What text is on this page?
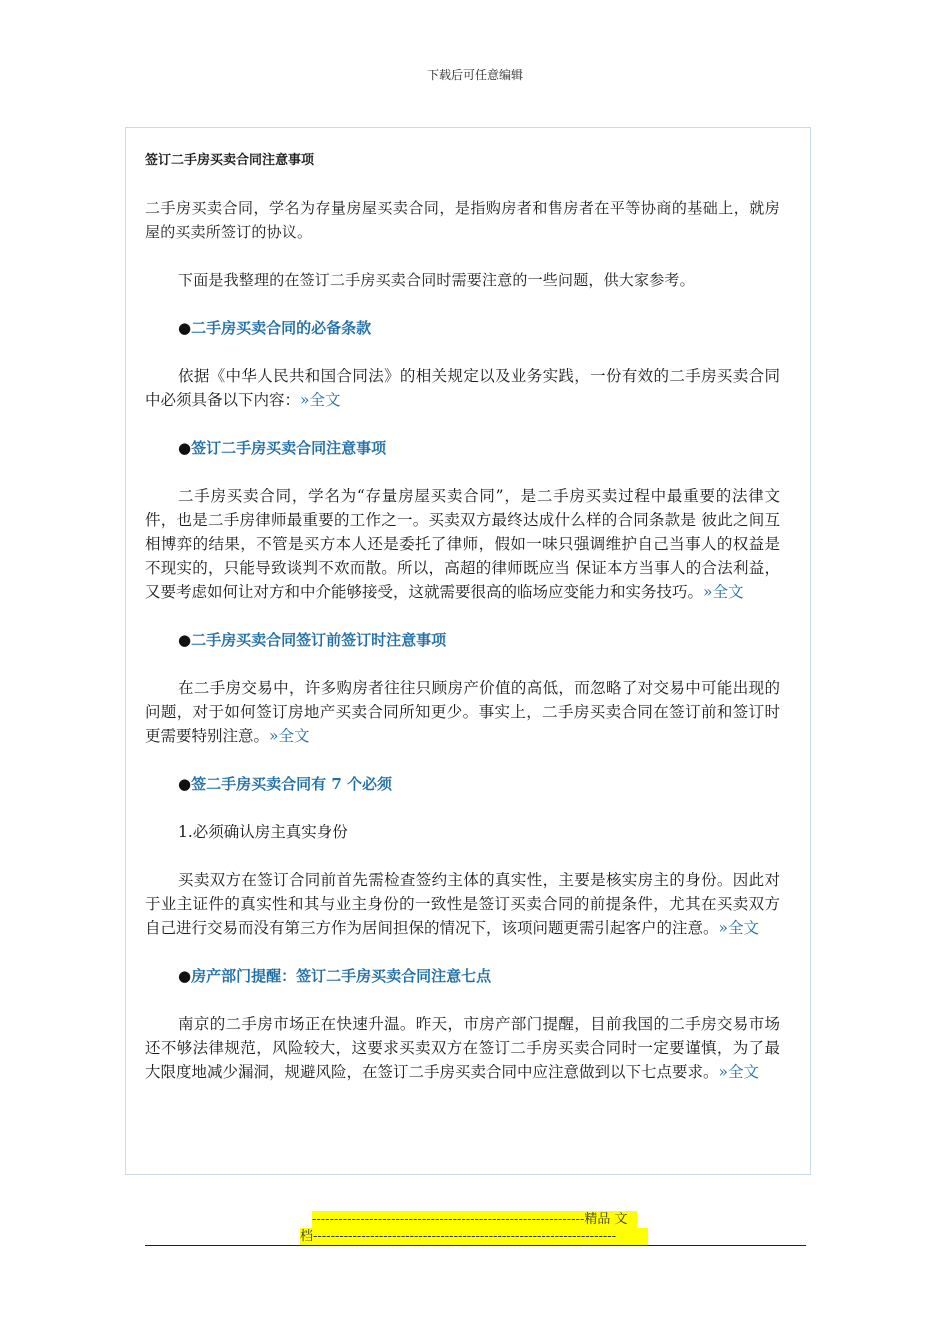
下载后可任意编辑
签订二手房买卖合同注意事项

二手房买卖合同，学名为存量房屋买卖合同，是指购房者和售房者在平等协商的基础上，就房屋的买卖所签订的协议。

下面是我整理的在签订二手房买卖合同时需要注意的一些问题，供大家参考。

●二手房买卖合同的必备条款

依据《中华人民共和国合同法》的相关规定以及业务实践，一份有效的二手房买卖合同中必须具备以下内容：»全文

●签订二手房买卖合同注意事项

二手房买卖合同，学名为“存量房屋买卖合同”，是二手房买卖过程中最重要的法律文件，也是二手房律师最重要的工作之一。买卖双方最终达成什么样的合同条款是 彼此之间互相博弈的结果，不管是买方本人还是委托了律师，假如一味只强调维护自己当事人的权益是不现实的，只能导致谈判不欢而散。所以，高超的律师既应当 保证本方当事人的合法利益，又要考虑如何让对方和中介能够接受，这就需要很高的临场应变能力和实务技巧。»全文

●二手房买卖合同签订前签订时注意事项

在二手房交易中，许多购房者往往只顾房产价值的高低，而忽略了对交易中可能出现的问题，对于如何签订房地产买卖合同所知更少。事实上，二手房买卖合同在签订前和签订时更需要特别注意。»全文

●签二手房买卖合同有 7 个必须

1.必须确认房主真实身份

买卖双方在签订合同前首先需检查签约主体的真实性，主要是核实房主的身份。因此对于业主证件的真实性和其与业主身份的一致性是签订买卖合同的前提条件，尤其在买卖双方自己进行交易而没有第三方作为居间担保的情况下，该项问题更需引起客户的注意。»全文

●房产部门提醒：签订二手房买卖合同注意七点

南京的二手房市场正在快速升温。昨天，市房产部门提醒，目前我国的二手房交易市场还不够法律规范，风险较大，这要求买卖双方在签订二手房买卖合同时一定要谨慎，为了最大限度地减少漏洞，规避风险，在签订二手房买卖合同中应注意做到以下七点要求。»全文

--------------------------------------------------------------精品 文
档---------------------------------------------------------------------
